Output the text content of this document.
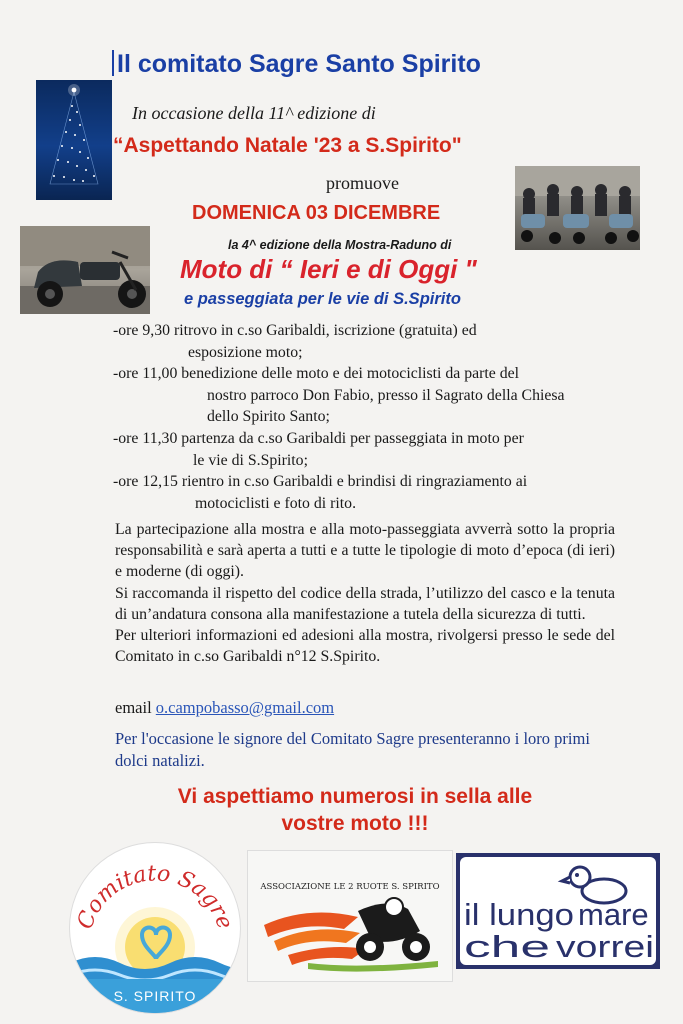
Il comitato Sagre Santo Spirito
In occasione della 11^ edizione di
“Aspettando Natale '23 a S.Spirito"
promuove
DOMENICA 03 DICEMBRE
la 4^ edizione della Mostra-Raduno di
Moto di “ Ieri e di Oggi "
e passeggiata per le vie di S.Spirito
-ore 9,30 ritrovo in c.so Garibaldi, iscrizione (gratuita) ed
esposizione moto;
-ore 11,00 benedizione delle moto e dei motociclisti da parte del
nostro parroco Don Fabio, presso il Sagrato della Chiesa
dello Spirito Santo;
-ore 11,30 partenza da c.so Garibaldi per passeggiata in moto per
le vie di S.Spirito;
-ore 12,15 rientro in c.so Garibaldi e brindisi di ringraziamento ai
motociclisti e foto di rito.

La partecipazione alla mostra e alla moto-passeggiata avverrà sotto la propria responsabilità e sarà aperta a tutti e a tutte le tipologie di moto d’epoca (di ieri) e moderne (di oggi).

Si raccomanda il rispetto del codice della strada, l’utilizzo del casco e la tenuta di un’andatura consona alla manifestazione a tutela della sicurezza di tutti.

Per ulteriori informazioni ed adesioni alla mostra, rivolgersi presso le sede del Comitato in c.so Garibaldi n°12 S.Spirito.

email o.campobasso@gmail.com
Per l'occasione le signore del Comitato Sagre presenteranno i loro primi dolci natalizi.
Vi aspettiamo numerosi in sella alle
vostre moto !!!
Comitato Sagre
S. SPIRITO
ASSOCIAZIONE LE 2 RUOTE S. SPIRITO
il lungo mare
che vorrei
